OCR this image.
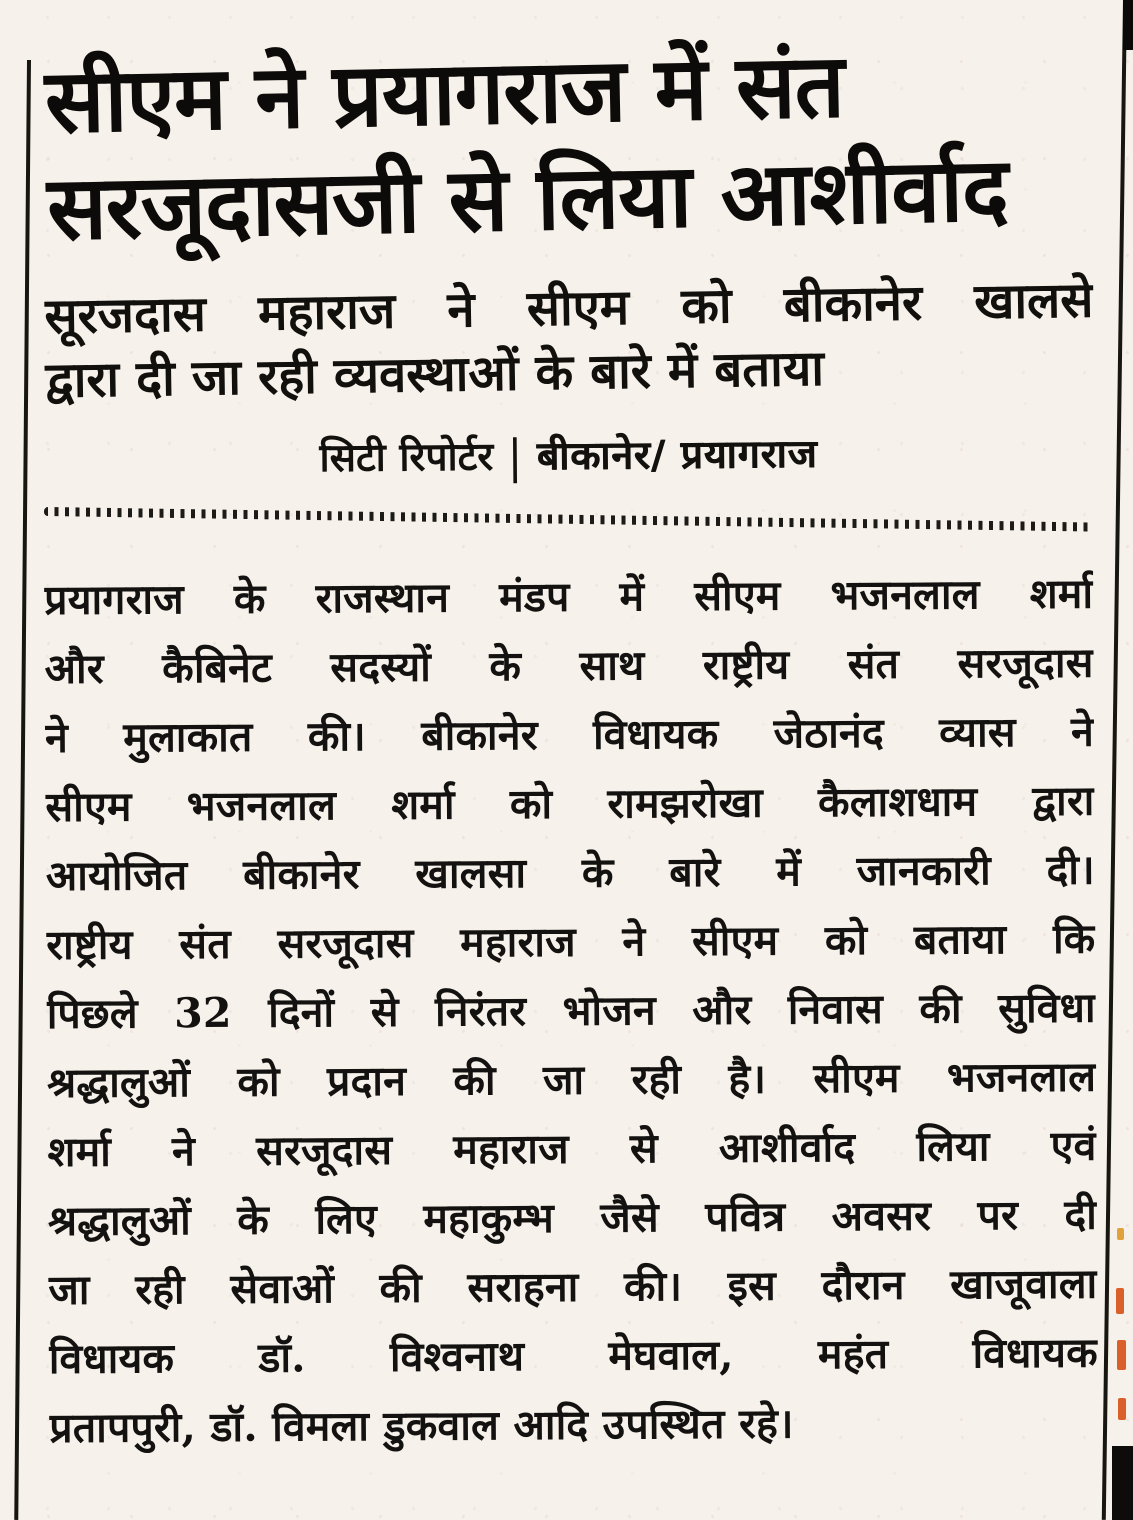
सीएम ने प्रयागराज में संत
सरजूदासजी से लिया आशीर्वाद
सूरजदास महाराज ने सीएम को बीकानेर खालसे
द्वारा दी जा रही व्यवस्थाओं के बारे में बताया
सिटी रिपोर्टर | बीकानेर/ प्रयागराज
प्रयागराज के राजस्थान मंडप में सीएम भजनलाल शर्मा
और कैबिनेट सदस्यों के साथ राष्ट्रीय संत सरजूदास
ने मुलाकात की। बीकानेर विधायक जेठानंद व्यास ने
सीएम भजनलाल शर्मा को रामझरोखा कैलाशधाम द्वारा
आयोजित बीकानेर खालसा के बारे में जानकारी दी।
राष्ट्रीय संत सरजूदास महाराज ने सीएम को बताया कि
पिछले 32 दिनों से निरंतर भोजन और निवास की सुविधा
श्रद्धालुओं को प्रदान की जा रही है। सीएम भजनलाल
शर्मा ने सरजूदास महाराज से आशीर्वाद लिया एवं
श्रद्धालुओं के लिए महाकुम्भ जैसे पवित्र अवसर पर दी
जा रही सेवाओं की सराहना की। इस दौरान खाजूवाला
विधायक डॉ. विश्वनाथ मेघवाल, महंत विधायक
प्रतापपुरी, डॉ. विमला डुकवाल आदि उपस्थित रहे।
